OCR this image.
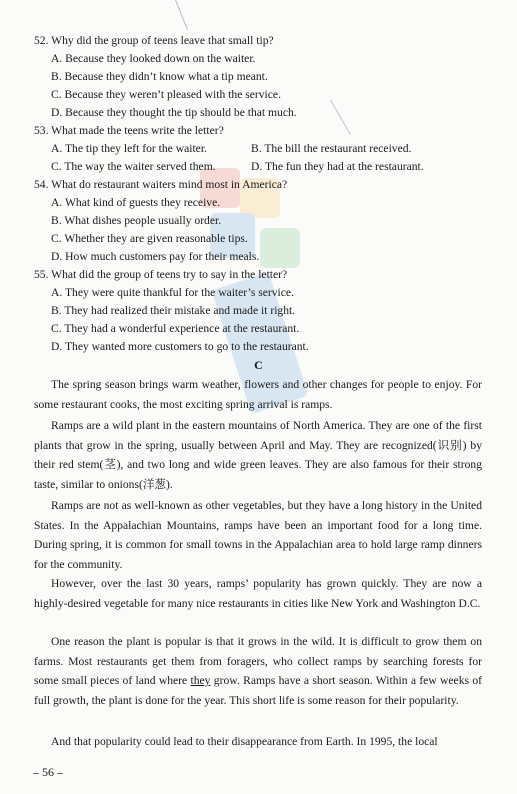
52. Why did the group of teens leave that small tip?
A. Because they looked down on the waiter.
B. Because they didn’t know what a tip meant.
C. Because they weren’t pleased with the service.
D. Because they thought the tip should be that much.
53. What made the teens write the letter?
A. The tip they left for the waiter.	B. The bill the restaurant received.
C. The way the waiter served them.	D. The fun they had at the restaurant.
54. What do restaurant waiters mind most in America?
A. What kind of guests they receive.
B. What dishes people usually order.
C. Whether they are given reasonable tips.
D. How much customers pay for their meals.
55. What did the group of teens try to say in the letter?
A. They were quite thankful for the waiter’s service.
B. They had realized their mistake and made it right.
C. They had a wonderful experience at the restaurant.
D. They wanted more customers to go to the restaurant.
C

The spring season brings warm weather, flowers and other changes for people to enjoy. For some restaurant cooks, the most exciting spring arrival is ramps.

Ramps are a wild plant in the eastern mountains of North America. They are one of the first plants that grow in the spring, usually between April and May. They are recognized(识别) by their red stem(茎), and two long and wide green leaves. They are also famous for their strong taste, similar to onions(洋葱).

Ramps are not as well-known as other vegetables, but they have a long history in the United States. In the Appalachian Mountains, ramps have been an important food for a long time. During spring, it is common for small towns in the Appalachian area to hold large ramp dinners for the community.

However, over the last 30 years, ramps’ popularity has grown quickly. They are now a highly-desired vegetable for many nice restaurants in cities like New York and Washington D.C.

One reason the plant is popular is that it grows in the wild. It is difficult to grow them on farms. Most restaurants get them from foragers, who collect ramps by searching forests for some small pieces of land where they grow. Ramps have a short season. Within a few weeks of full growth, the plant is done for the year. This short life is some reason for their popularity.

And that popularity could lead to their disappearance from Earth. In 1995, the local

– 56 –
